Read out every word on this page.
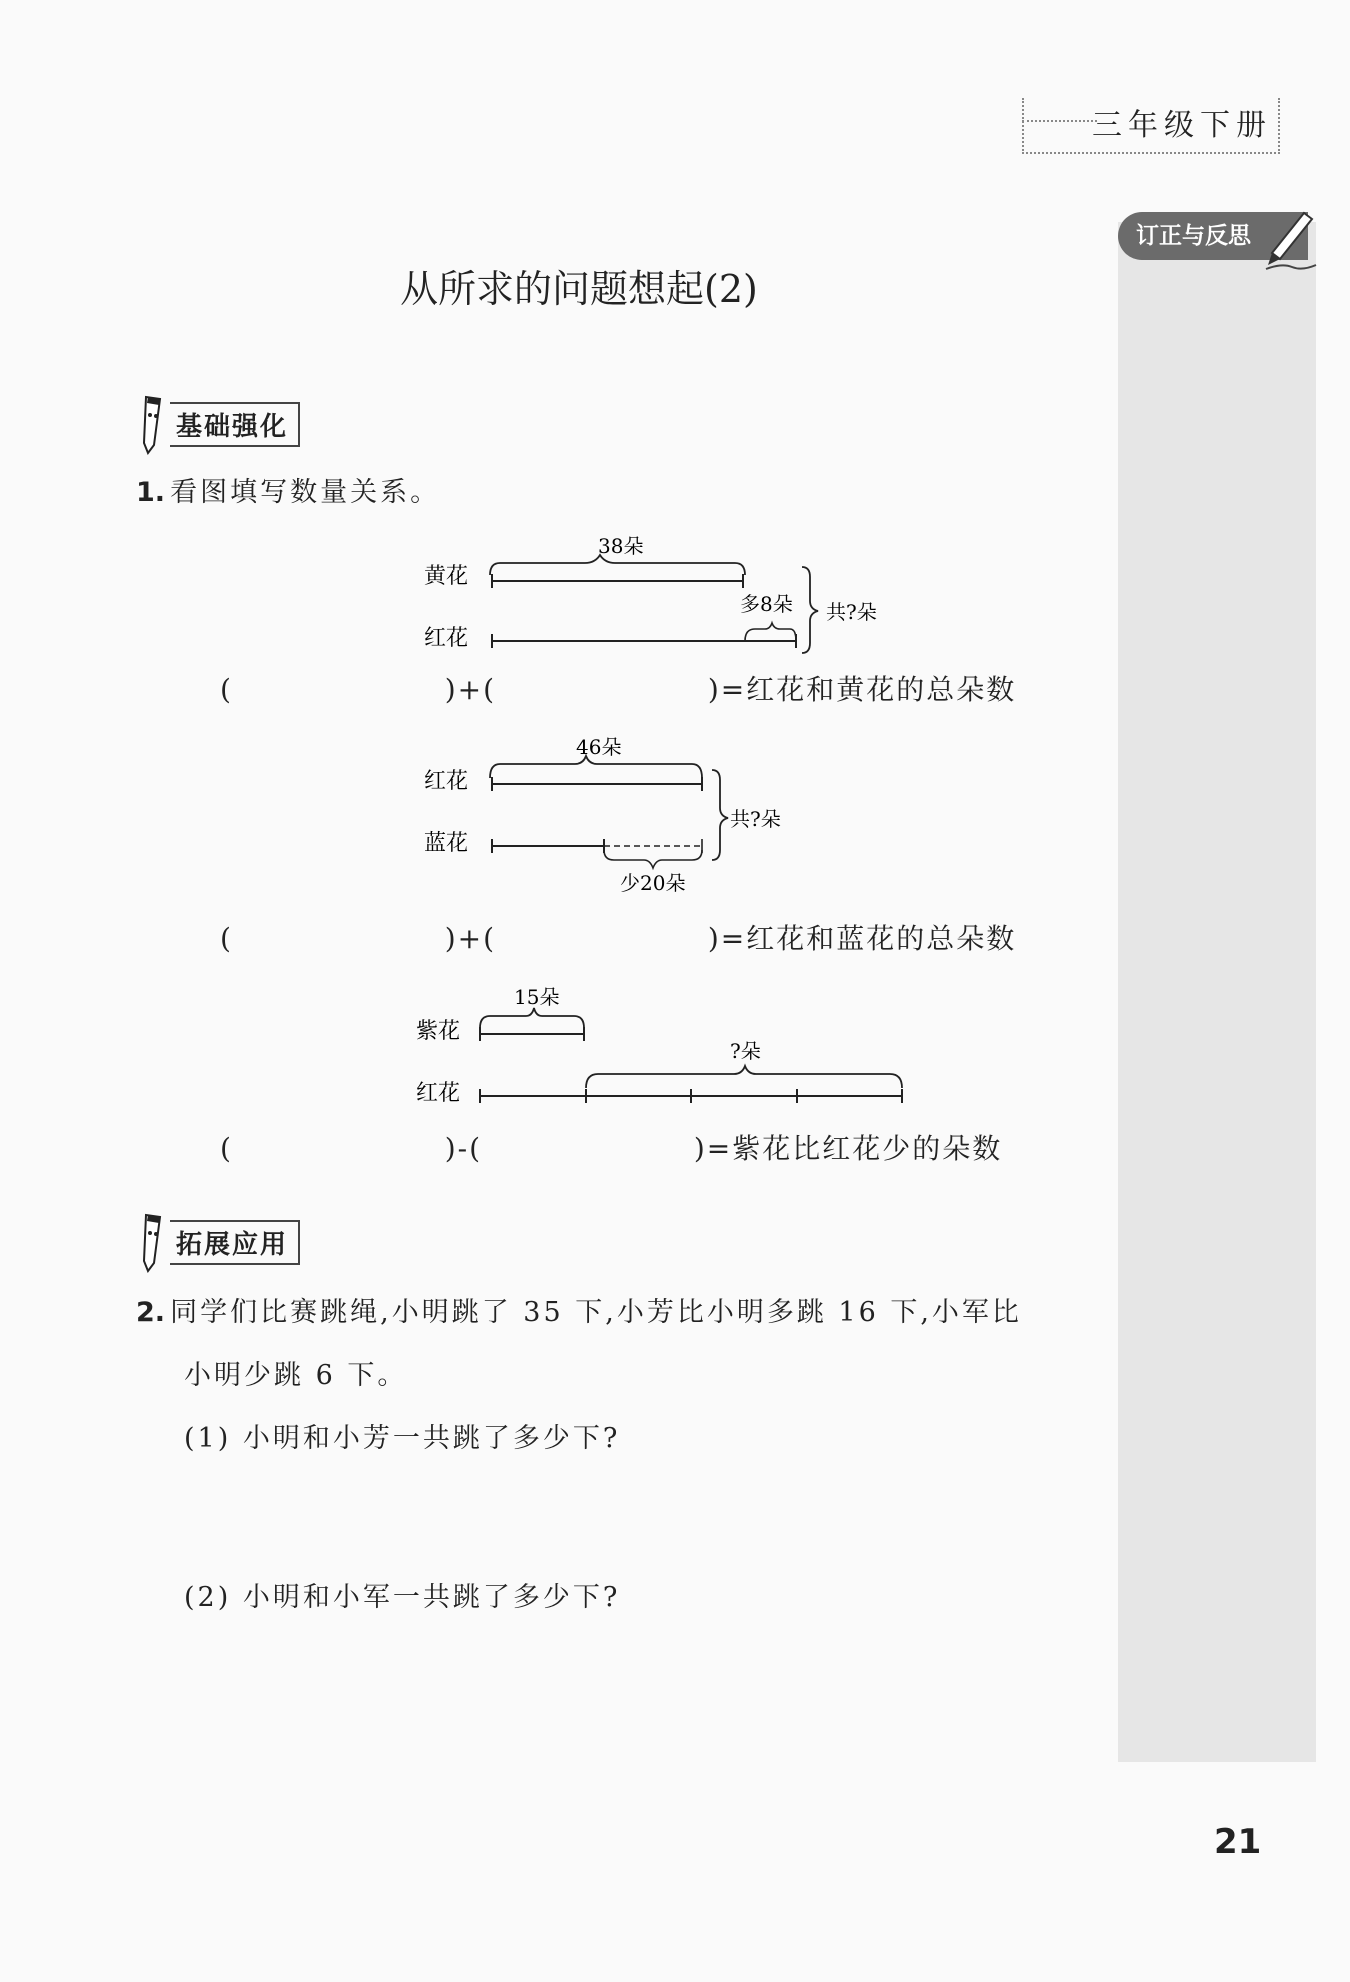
三年级下册
订正与反思
从所求的问题想起(2)
基础强化
1. 看图填写数量关系。
38朵
黄花
多8朵
红花
共?朵
(	)+(	)=红花和黄花的总朵数
46朵
红花
蓝花
少20朵
共?朵
(	)+(	)=红花和蓝花的总朵数
15朵
紫花
?朵
红花
(	)-(	)=紫花比红花少的朵数
拓展应用
2. 同学们比赛跳绳,小明跳了 35 下,小芳比小明多跳 16 下,小军比
小明少跳 6 下。
(1) 小明和小芳一共跳了多少下?
(2) 小明和小军一共跳了多少下?
21
